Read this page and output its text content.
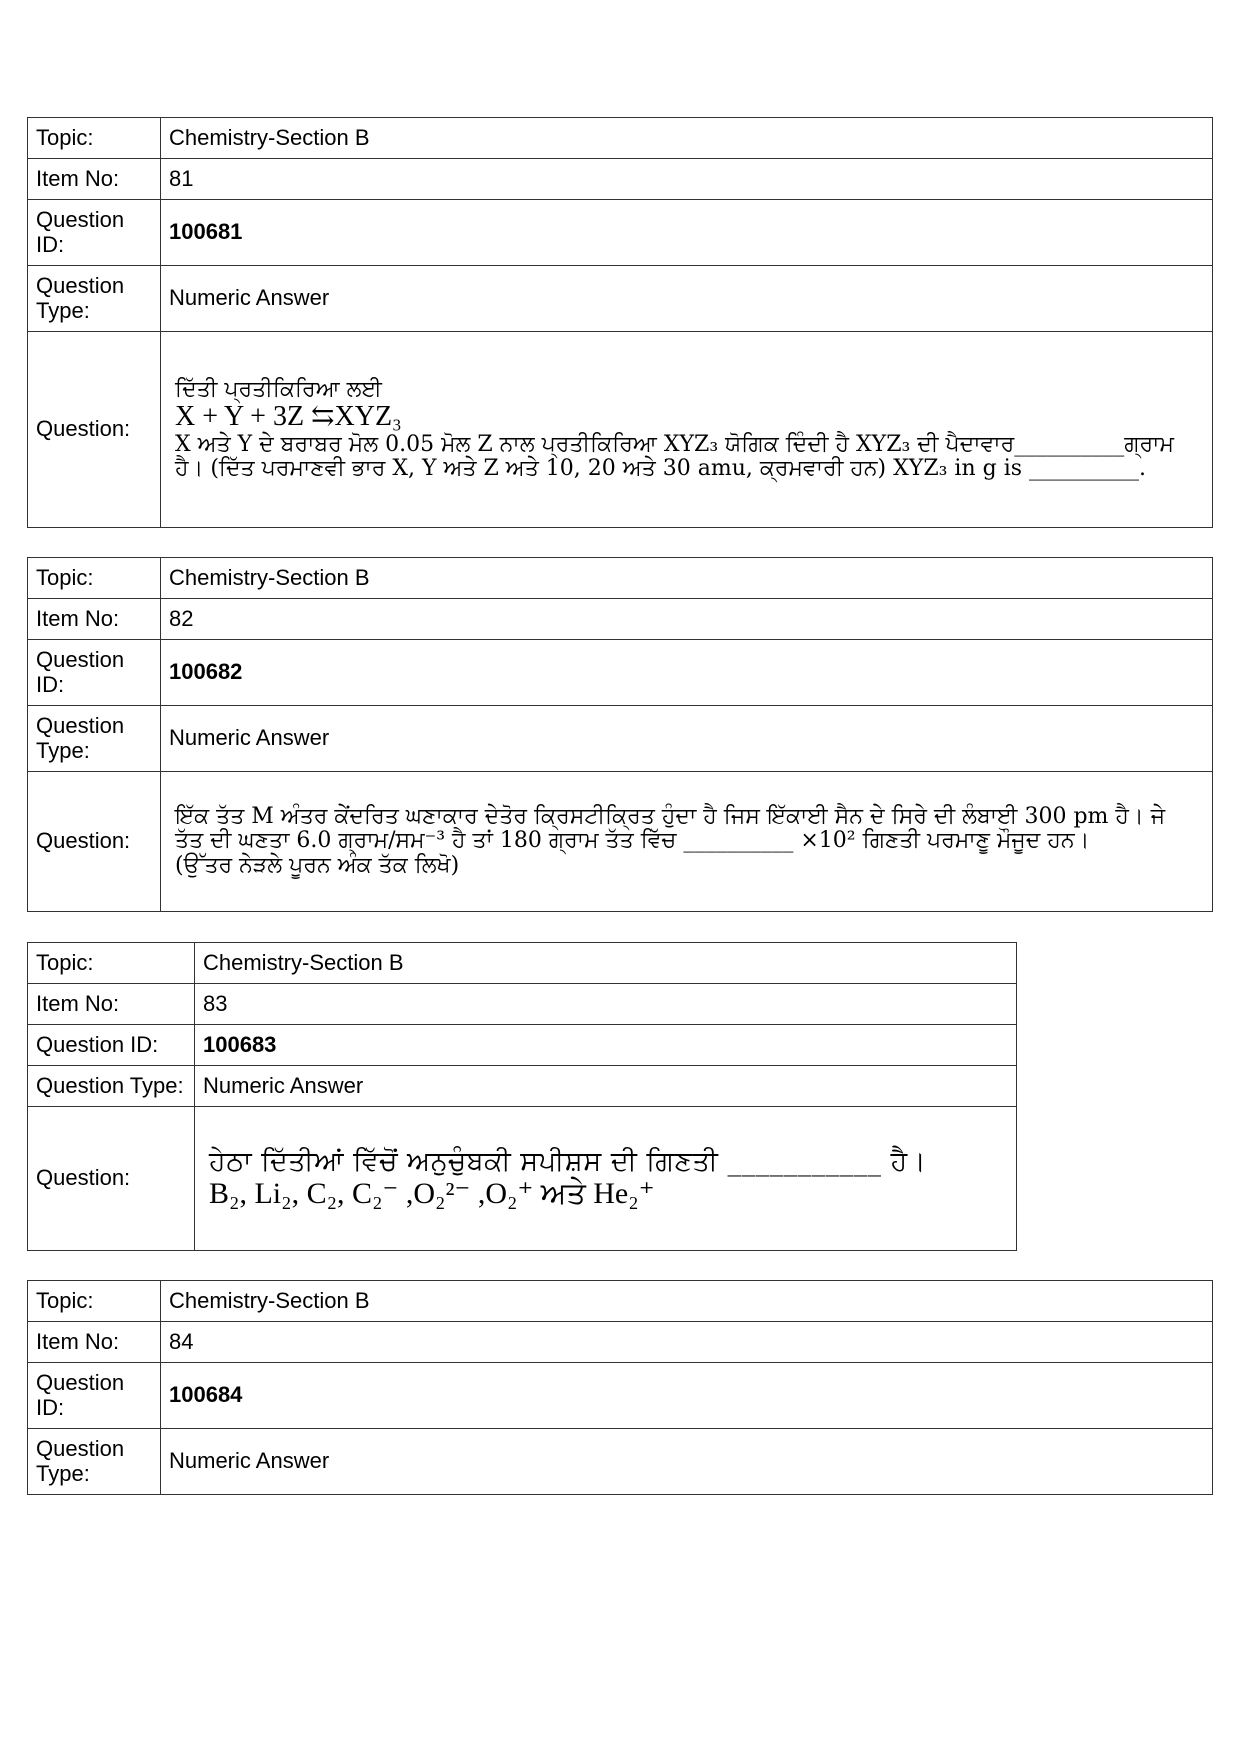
Topic:	Chemistry-Section B
Item No:	81
Question ID:	100681
Question Type:	Numeric Answer
Question:	ਦਿੱਤੀ ਪ੍ਰਤੀਕਿਰਿਆ ਲਈ
X + Y + 3Z ⇆XYZ₃
X ਅਤੇ Y ਦੇ ਬਰਾਬਰ ਮੋਲ 0.05 ਮੋਲ Z ਨਾਲ ਪ੍ਰਤੀਕਿਰਿਆ XYZ₃ ਯੋਗਿਕ ਦਿੰਦੀ ਹੈ XYZ₃ ਦੀ ਪੈਦਾਵਾਰ__________ਗ੍ਰਾਮ
ਹੈ। (ਦਿੱਤ ਪਰਮਾਣਵੀ ਭਾਰ X, Y ਅਤੇ Z ਅਤੇ 10, 20 ਅਤੇ 30 amu, ਕ੍ਰਮਵਾਰੀ ਹਨ) XYZ₃ in g is __________.
Topic:	Chemistry-Section B
Item No:	82
Question ID:	100682
Question Type:	Numeric Answer
Question:	ਇੱਕ ਤੱਤ M ਅੰਤਰ ਕੇਂਦਰਿਤ ਘਣਾਕਾਰ ਦੇਤੋਰ ਕ੍ਰਿਸਟੀਕ੍ਰਿਤ ਹੁੰਦਾ ਹੈ ਜਿਸ ਇੱਕਾਈ ਸੈਨ ਦੇ ਸਿਰੇ ਦੀ ਲੰਬਾਈ 300 pm ਹੈ। ਜੇ
ਤੱਤ ਦੀ ਘਣਤਾ 6.0 ਗ੍ਰਾਮ/ਸਮ⁻³ ਹੈ ਤਾਂ 180 ਗ੍ਰਾਮ ਤੱਤ ਵਿੱਚ __________ ×10² ਗਿਣਤੀ ਪਰਮਾਣੂ ਮੌਜੂਦ ਹਨ।
(ਉੱਤਰ ਨੇੜਲੇ ਪੂਰਨ ਅੰਕ ਤੱਕ ਲਿਖੋ)
Topic:	Chemistry-Section B
Item No:	83
Question ID:	100683
Question Type:	Numeric Answer
Question:	ਹੇਠਾ ਦਿੱਤੀਆਂ ਵਿੱਚੋਂ ਅਨੁਚੁੰਬਕੀ ਸਪੀਸ਼ਸ ਦੀ ਗਿਣਤੀ ___________ ਹੈ।
B₂, Li₂, C₂, C₂⁻ ,O₂²⁻ ,O₂⁺ ਅਤੇ He₂⁺
Topic:	Chemistry-Section B
Item No:	84
Question ID:	100684
Question Type:	Numeric Answer
